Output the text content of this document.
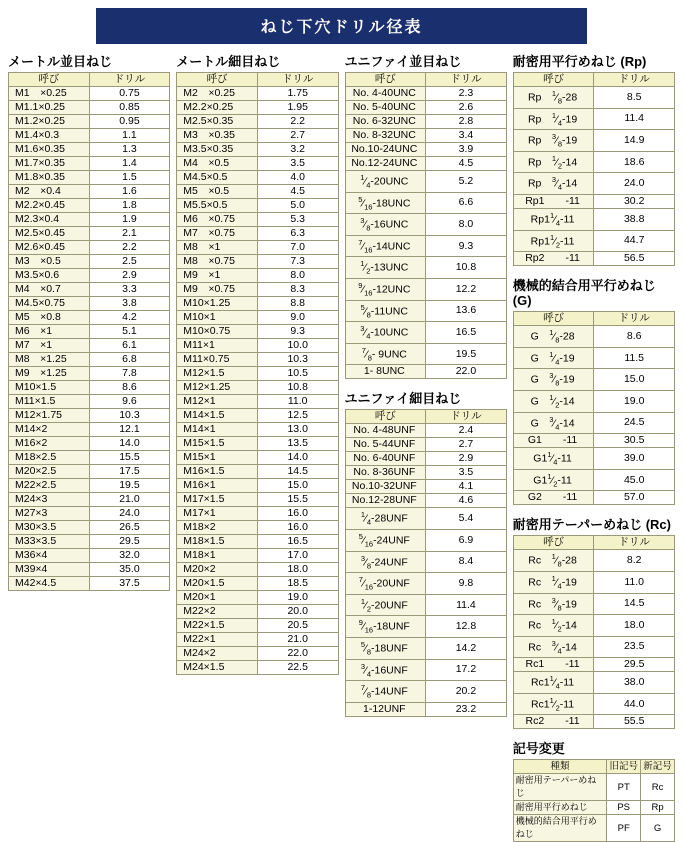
ねじ下穴ドリル径表
メートル並目ねじ
呼び	ドリル
M1　×0.25	0.75
M1.1×0.25	0.85
M1.2×0.25	0.95
M1.4×0.3	1.1
M1.6×0.35	1.3
M1.7×0.35	1.4
M1.8×0.35	1.5
M2　×0.4	1.6
M2.2×0.45	1.8
M2.3×0.4	1.9
M2.5×0.45	2.1
M2.6×0.45	2.2
M3　×0.5	2.5
M3.5×0.6	2.9
M4　×0.7	3.3
M4.5×0.75	3.8
M5　×0.8	4.2
M6　×1	5.1
M7　×1	6.1
M8　×1.25	6.8
M9　×1.25	7.8
M10×1.5	8.6
M11×1.5	9.6
M12×1.75	10.3
M14×2	12.1
M16×2	14.0
M18×2.5	15.5
M20×2.5	17.5
M22×2.5	19.5
M24×3	21.0
M27×3	24.0
M30×3.5	26.5
M33×3.5	29.5
M36×4	32.0
M39×4	35.0
M42×4.5	37.5
メートル細目ねじ
呼び	ドリル
M2　×0.25	1.75
M2.2×0.25	1.95
M2.5×0.35	2.2
M3　×0.35	2.7
M3.5×0.35	3.2
M4　×0.5	3.5
M4.5×0.5	4.0
M5　×0.5	4.5
M5.5×0.5	5.0
M6　×0.75	5.3
M7　×0.75	6.3
M8　×1	7.0
M8　×0.75	7.3
M9　×1	8.0
M9　×0.75	8.3
M10×1.25	8.8
M10×1	9.0
M10×0.75	9.3
M11×1	10.0
M11×0.75	10.3
M12×1.5	10.5
M12×1.25	10.8
M12×1	11.0
M14×1.5	12.5
M14×1	13.0
M15×1.5	13.5
M15×1	14.0
M16×1.5	14.5
M16×1	15.0
M17×1.5	15.5
M17×1	16.0
M18×2	16.0
M18×1.5	16.5
M18×1	17.0
M20×2	18.0
M20×1.5	18.5
M20×1	19.0
M22×2	20.0
M22×1.5	20.5
M22×1	21.0
M24×2	22.0
M24×1.5	22.5
ユニファイ並目ねじ
呼び	ドリル
No. 4-40UNC	2.3
No. 5-40UNC	2.6
No. 6-32UNC	2.8
No. 8-32UNC	3.4
No.10-24UNC	3.9
No.12-24UNC	4.5
$^1⁄_4-20UNC$	5.2
$^5⁄_{16}-18UNC$	6.6
$^3⁄_8-16UNC$	8.0
$^7⁄_{16}-14UNC$	9.3
$^1⁄_2-13UNC$	10.8
$^9⁄_{16}-12UNC$	12.2
$^5⁄_8-11UNC$	13.6
$^3⁄_4-10UNC$	16.5
$^7⁄_8-$ 9UNC	19.5
1- 8UNC	22.0
ユニファイ細目ねじ
呼び	ドリル
No. 4-48UNF	2.4
No. 5-44UNF	2.7
No. 6-40UNF	2.9
No. 8-36UNF	3.5
No.10-32UNF	4.1
No.12-28UNF	4.6
$^1⁄_4-28UNF$	5.4
$^5⁄_{16}-24UNF$	6.9
$^3⁄_8-24UNF$	8.4
$^7⁄_{16}-20UNF$	9.8
$^1⁄_2-20UNF$	11.4
$^9⁄_{16}-18UNF$	12.8
$^5⁄_8-18UNF$	14.2
$^3⁄_4-16UNF$	17.2
$^7⁄_8-14UNF$	20.2
1-12UNF	23.2
耐密用平行めねじ (Rp)
呼び	ドリル
Rp　$^1⁄_8-28$	8.5
Rp　$^1⁄_4-19$	11.4
Rp　$^3⁄_8-19$	14.9
Rp　$^1⁄_2-14$	18.6
Rp　$^3⁄_4-14$	24.0
Rp1　　-11	30.2
$Rp1^1⁄_4-11$	38.8
$Rp1^1⁄_2-11$	44.7
Rp2　　-11	56.5
機械的結合用平行めねじ (G)
呼び	ドリル
G　$^1⁄_8-28$	8.6
G　$^1⁄_4-19$	11.5
G　$^3⁄_8-19$	15.0
G　$^1⁄_2-14$	19.0
G　$^3⁄_4-14$	24.5
G1　　-11	30.5
$G1^1⁄_4-11$	39.0
$G1^1⁄_2-11$	45.0
G2　　-11	57.0
耐密用テーパーめねじ (Rc)
呼び	ドリル
Rc　$^1⁄_8-28$	8.2
Rc　$^1⁄_4-19$	11.0
Rc　$^3⁄_8-19$	14.5
Rc　$^1⁄_2-14$	18.0
Rc　$^3⁄_4-14$	23.5
Rc1　　-11	29.5
$Rc1^1⁄_4-11$	38.0
$Rc1^1⁄_2-11$	44.0
Rc2　　-11	55.5
記号変更
種類	旧記号	新記号
耐密用テーパーめねじ	PT	Rc
耐密用平行めねじ	PS	Rp
機械的結合用平行めねじ	PF	G
